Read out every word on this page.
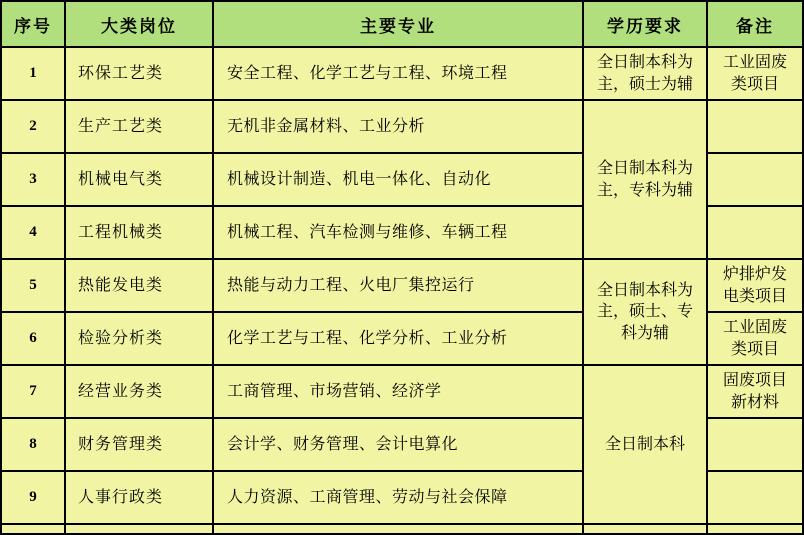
序号	大类岗位	主要专业	学历要求	备注
1	环保工艺类	安全工程、化学工艺与工程、环境工程	全日制本科为主，硕士为辅	工业固废类项目
2	生产工艺类	无机非金属材料、工业分析	全日制本科为主，专科为辅	
3	机械电气类	机械设计制造、机电一体化、自动化		
4	工程机械类	机械工程、汽车检测与维修、车辆工程		
5	热能发电类	热能与动力工程、火电厂集控运行	全日制本科为主，硕士、专科为辅	炉排炉发电类项目
6	检验分析类	化学工艺与工程、化学分析、工业分析		工业固废类项目
7	经营业务类	工商管理、市场营销、经济学	全日制本科	固废项目新材料
8	财务管理类	会计学、财务管理、会计电算化		
9	人事行政类	人力资源、工商管理、劳动与社会保障		
